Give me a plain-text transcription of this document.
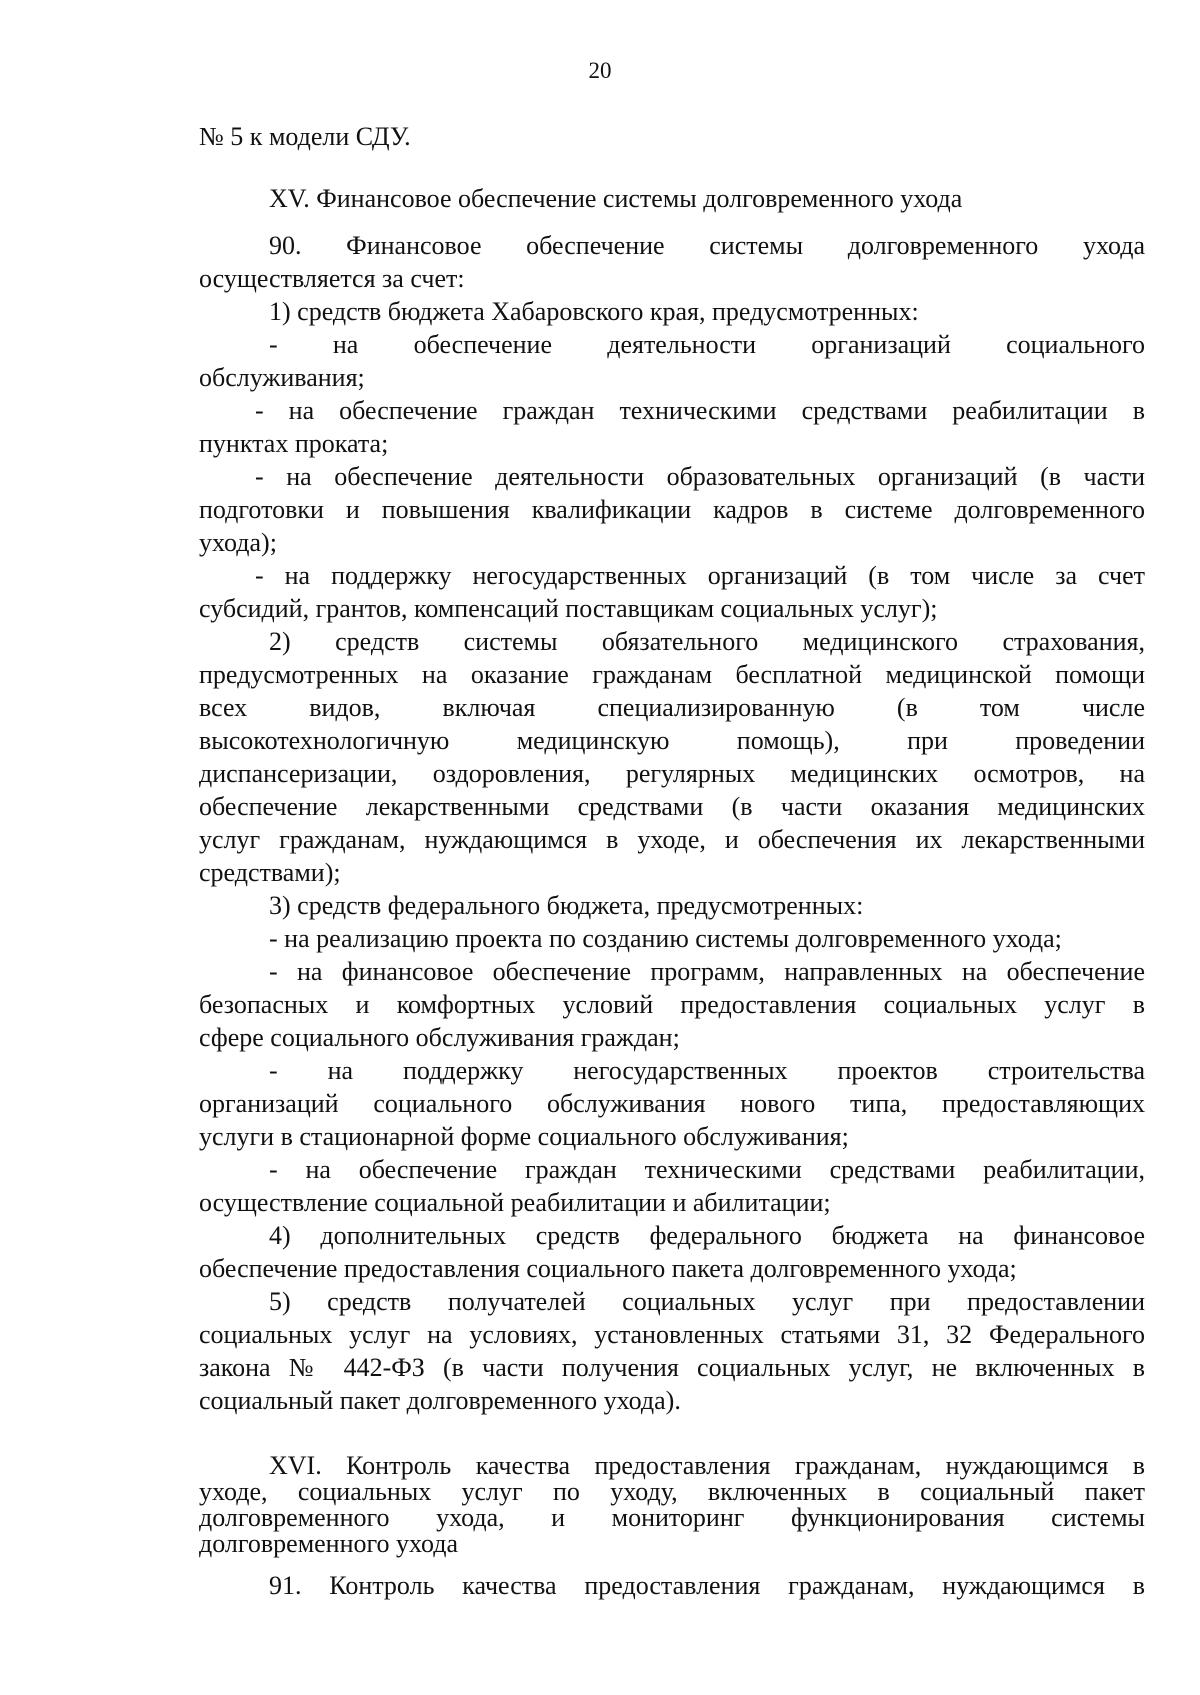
20
№ 5 к модели СДУ.
XV. Финансовое обеспечение системы долговременного ухода
90. Финансовое обеспечение системы долговременного ухода
осуществляется за счет:
1) средств бюджета Хабаровского края, предусмотренных:
- на обеспечение деятельности организаций социального
обслуживания;
- на обеспечение граждан техническими средствами реабилитации в
пунктах проката;
- на обеспечение деятельности образовательных организаций (в части
подготовки и повышения квалификации кадров в системе долговременного
ухода);
- на поддержку негосударственных организаций (в том числе за счет
субсидий, грантов, компенсаций поставщикам социальных услуг);
2) средств системы обязательного медицинского страхования,
предусмотренных на оказание гражданам бесплатной медицинской помощи
всех видов, включая специализированную (в том числе
высокотехнологичную медицинскую помощь), при проведении
диспансеризации, оздоровления, регулярных медицинских осмотров, на
обеспечение лекарственными средствами (в части оказания медицинских
услуг гражданам, нуждающимся в уходе, и обеспечения их лекарственными
средствами);
3) средств федерального бюджета, предусмотренных:
- на реализацию проекта по созданию системы долговременного ухода;
- на финансовое обеспечение программ, направленных на обеспечение
безопасных и комфортных условий предоставления социальных услуг в
сфере социального обслуживания граждан;
- на поддержку негосударственных проектов строительства
организаций социального обслуживания нового типа, предоставляющих
услуги в стационарной форме социального обслуживания;
- на обеспечение граждан техническими средствами реабилитации,
осуществление социальной реабилитации и абилитации;
4) дополнительных средств федерального бюджета на финансовое
обеспечение предоставления социального пакета долговременного ухода;
5) средств получателей социальных услуг при предоставлении
социальных услуг на условиях, установленных статьями 31, 32 Федерального
закона № 442-ФЗ (в части получения социальных услуг, не включенных в
социальный пакет долговременного ухода).
XVI. Контроль качества предоставления гражданам, нуждающимся в
уходе, социальных услуг по уходу, включенных в социальный пакет
долговременного ухода, и мониторинг функционирования системы
долговременного ухода
91. Контроль качества предоставления гражданам, нуждающимся в
